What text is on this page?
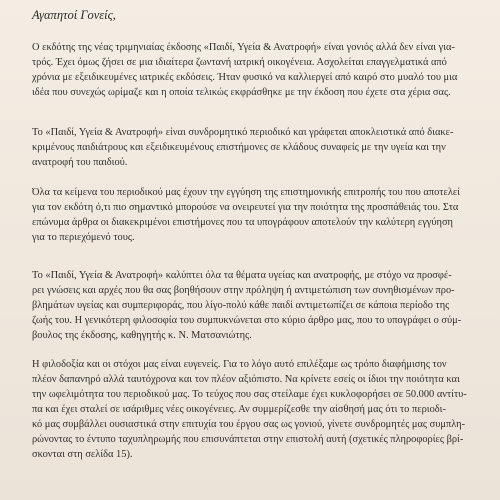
Αγαπητοί Γονείς,

Ο εκδότης της νέας τριμηνιαίας έκδοσης «Παιδί, Υγεία & Ανατροφή» είναι γονιός αλλά δεν είναι για-
τρός. Έχει όμως ζήσει σε μια ιδιαίτερα ζωντανή ιατρική οικογένεια. Ασχολείται επαγγελματικά από
χρόνια με εξειδικευμένες ιατρικές εκδόσεις. Ήταν φυσικό να καλλιεργεί από καιρό στο μυαλό του μια
ιδέα που συνεχώς ωρίμαζε και η οποία τελικώς εκφράσθηκε με την έκδοση που έχετε στα χέρια σας.

Το «Παιδί, Υγεία & Ανατροφή» είναι συνδρομητικό περιοδικό και γράφεται αποκλειστικά από διακε-
κριμένους παιδιάτρους και εξειδικευμένους επιστήμονες σε κλάδους συναφείς με την υγεία και την
ανατροφή του παιδιού.

Όλα τα κείμενα του περιοδικού μας έχουν την εγγύηση της επιστημονικής επιτροπής του που αποτελεί
για τον εκδότη ό,τι πιο σημαντικό μπορούσε να ονειρευτεί για την ποιότητα της προσπάθειάς του. Στα
επώνυμα άρθρα οι διακεκριμένοι επιστήμονες που τα υπογράφουν αποτελούν την καλύτερη εγγύηση
για το περιεχόμενό τους.

Το «Παιδί, Υγεία & Ανατροφή» καλύπτει όλα τα θέματα υγείας και ανατροφής, με στόχο να προσφέ-
ρει γνώσεις και αρχές που θα σας βοηθήσουν στην πρόληψη ή αντιμετώπιση των συνηθισμένων προ-
βλημάτων υγείας και συμπεριφοράς, που λίγο-πολύ κάθε παιδί αντιμετωπίζει σε κάποια περίοδο της
ζωής του. Η γενικότερη φιλοσοφία του συμπυκνώνεται στο κύριο άρθρο μας, που το υπογράφει ο σύμ-
βουλος της έκδοσης, καθηγητής κ. Ν. Ματσανιώτης.

Η φιλοδοξία και οι στόχοι μας είναι ευγενείς. Για το λόγο αυτό επιλέξαμε ως τρόπο διαφήμισης τον
πλέον δαπανηρό αλλά ταυτόχρονα και τον πλέον αξιόπιστο. Να κρίνετε εσείς οι ίδιοι την ποιότητα και
την ωφελιμότητα του περιοδικού μας. Το τεύχος που σας στείλαμε έχει κυκλοφορήσει σε 50.000 αντίτυ-
πα και έχει σταλεί σε ισάριθμες νέες οικογένειες. Αν συμμερίζεσθε την αίσθησή μας ότι το περιοδι-
κό μας συμβάλλει ουσιαστικά στην επιτυχία του έργου σας ως γονιού, γίνετε συνδρομητές μας συμπλη-
ρώνοντας το έντυπο ταχυπληρωμής που επισυνάπτεται στην επιστολή αυτή (σχετικές πληροφορίες βρί-
σκονται στη σελίδα 15).
